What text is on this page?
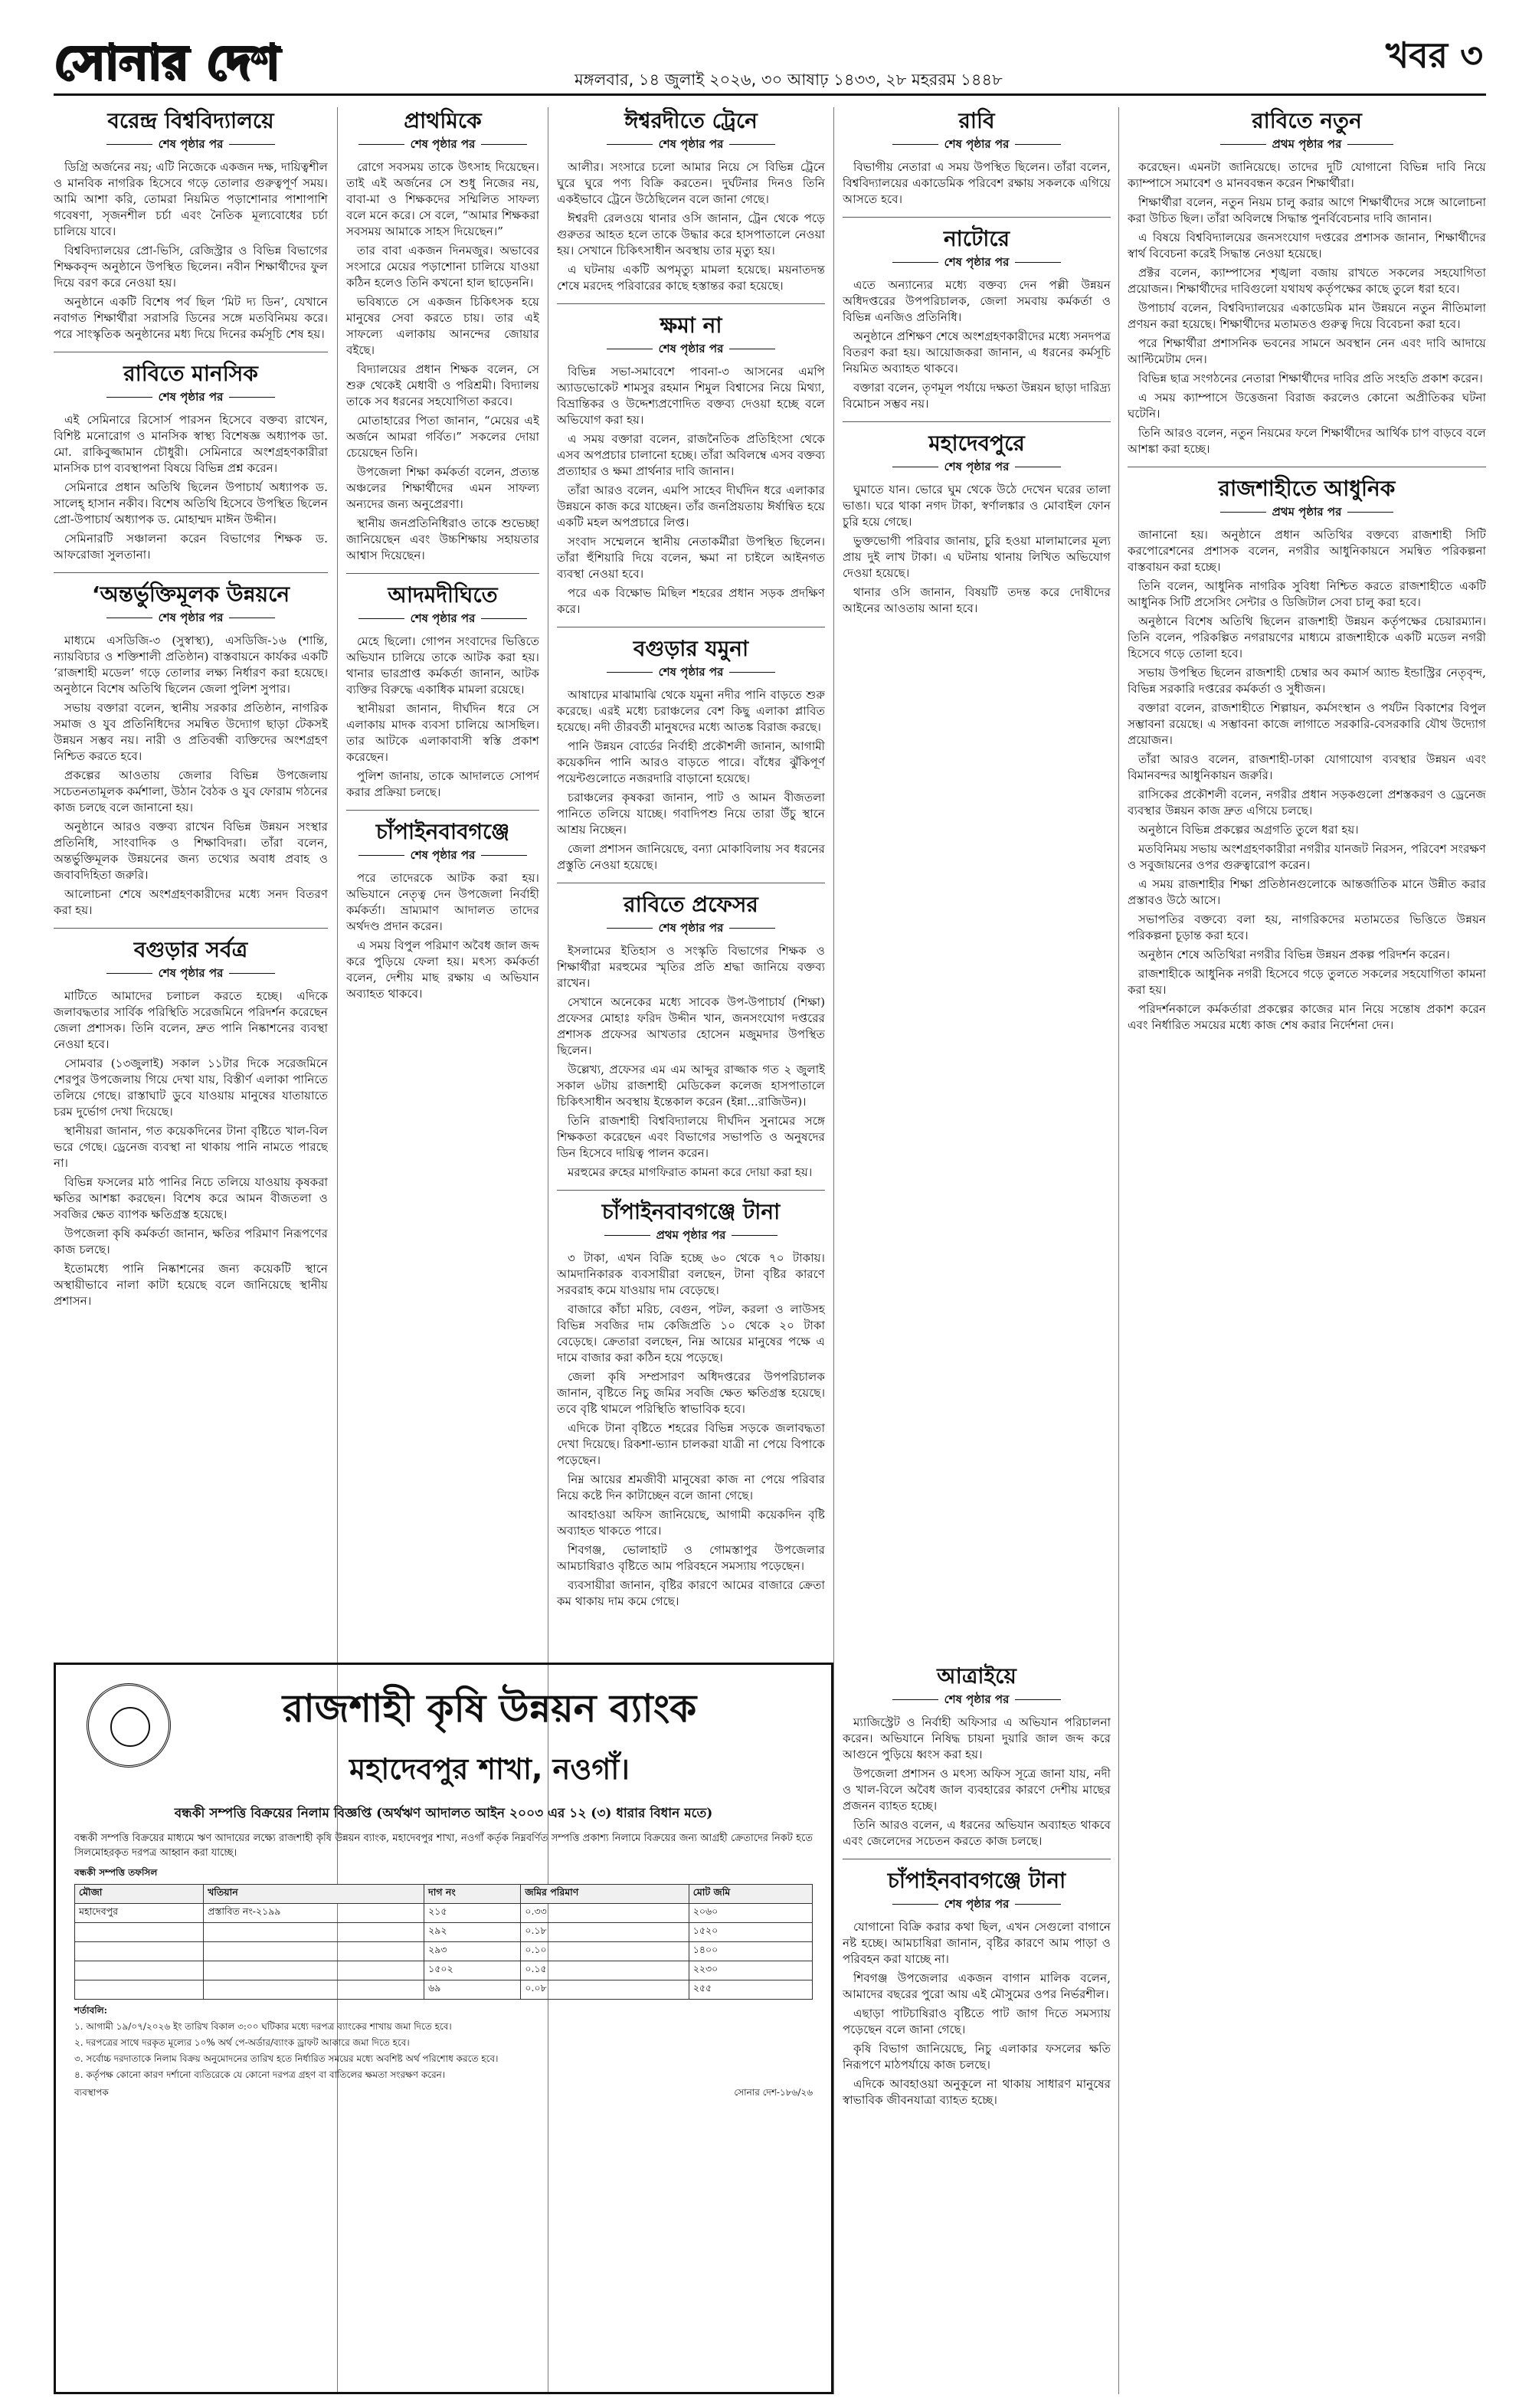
সোনার দেশ	মঙ্গলবার, ১৪ জুলাই ২০২৬, ৩০ আষাঢ় ১৪৩৩, ২৮ মহররম ১৪৪৮
খবর ৩
বরেন্দ্র বিশ্ববিদ্যালয়ে
শেষ পৃষ্ঠার পর

ডিগ্রি অর্জনের নয়; এটি নিজেকে একজন দক্ষ, দায়িত্বশীল ও মানবিক নাগরিক হিসেবে গড়ে তোলার গুরুত্বপূর্ণ সময়। আমি আশা করি, তোমরা নিয়মিত পড়াশোনার পাশাপাশি গবেষণা, সৃজনশীল চর্চা এবং নৈতিক মূল্যবোধের চর্চা চালিয়ে যাবে।

বিশ্ববিদ্যালয়ের প্রো-ভিসি, রেজিস্ট্রার ও বিভিন্ন বিভাগের শিক্ষকবৃন্দ অনুষ্ঠানে উপস্থিত ছিলেন। নবীন শিক্ষার্থীদের ফুল দিয়ে বরণ করে নেওয়া হয়।

অনুষ্ঠানে একটি বিশেষ পর্ব ছিল ‘মিট দ্য ডিন’, যেখানে নবাগত শিক্ষার্থীরা সরাসরি ডিনের সঙ্গে মতবিনিময় করে। পরে সাংস্কৃতিক অনুষ্ঠানের মধ্য দিয়ে দিনের কর্মসূচি শেষ হয়।

রাবিতে মানসিক
শেষ পৃষ্ঠার পর

এই সেমিনারে রিসোর্স পারসন হিসেবে বক্তব্য রাখেন, বিশিষ্ট মনোরোগ ও মানসিক স্বাস্থ্য বিশেষজ্ঞ অধ্যাপক ডা. মো. রাকিবুজ্জামান চৌধুরী। সেমিনারে অংশগ্রহণকারীরা মানসিক চাপ ব্যবস্থাপনা বিষয়ে বিভিন্ন প্রশ্ন করেন।

সেমিনারে প্রধান অতিথি ছিলেন উপাচার্য অধ্যাপক ড. সালেহ্ হাসান নকীব। বিশেষ অতিথি হিসেবে উপস্থিত ছিলেন প্রো-উপাচার্য অধ্যাপক ড. মোহাম্মদ মাঈন উদ্দীন।

সেমিনারটি সঞ্চালনা করেন বিভাগের শিক্ষক ড. আফরোজা সুলতানা।

‘অন্তর্ভুক্তিমূলক উন্নয়নে
শেষ পৃষ্ঠার পর

মাধ্যমে এসডিজি-৩ (সুস্বাস্থ্য), এসডিজি-১৬ (শান্তি, ন্যায়বিচার ও শক্তিশালী প্রতিষ্ঠান) বাস্তবায়নে কার্যকর একটি ‘রাজশাহী মডেল’ গড়ে তোলার লক্ষ্য নির্ধারণ করা হয়েছে। অনুষ্ঠানে বিশেষ অতিথি ছিলেন জেলা পুলিশ সুপার।

সভায় বক্তারা বলেন, স্থানীয় সরকার প্রতিষ্ঠান, নাগরিক সমাজ ও যুব প্রতিনিধিদের সমন্বিত উদ্যোগ ছাড়া টেকসই উন্নয়ন সম্ভব নয়। নারী ও প্রতিবন্ধী ব্যক্তিদের অংশগ্রহণ নিশ্চিত করতে হবে।

প্রকল্পের আওতায় জেলার বিভিন্ন উপজেলায় সচেতনতামূলক কর্মশালা, উঠান বৈঠক ও যুব ফোরাম গঠনের কাজ চলছে বলে জানানো হয়।

অনুষ্ঠানে আরও বক্তব্য রাখেন বিভিন্ন উন্নয়ন সংস্থার প্রতিনিধি, সাংবাদিক ও শিক্ষাবিদরা। তাঁরা বলেন, অন্তর্ভুক্তিমূলক উন্নয়নের জন্য তথ্যের অবাধ প্রবাহ ও জবাবদিহিতা জরুরি।

আলোচনা শেষে অংশগ্রহণকারীদের মধ্যে সনদ বিতরণ করা হয়।

বগুড়ার সর্বত্র
শেষ পৃষ্ঠার পর

মাটিতে আমাদের চলাচল করতে হচ্ছে। এদিকে জলাবদ্ধতার সার্বিক পরিস্থিতি সরেজমিনে পরিদর্শন করেছেন জেলা প্রশাসক। তিনি বলেন, দ্রুত পানি নিষ্কাশনের ব্যবস্থা নেওয়া হবে।

সোমবার (১৩জুলাই) সকাল ১১টার দিকে সরেজমিনে শেরপুর উপজেলায় গিয়ে দেখা যায়, বিস্তীর্ণ এলাকা পানিতে তলিয়ে গেছে। রাস্তাঘাট ডুবে যাওয়ায় মানুষের যাতায়াতে চরম দুর্ভোগ দেখা দিয়েছে।

স্থানীয়রা জানান, গত কয়েকদিনের টানা বৃষ্টিতে খাল-বিল ভরে গেছে। ড্রেনেজ ব্যবস্থা না থাকায় পানি নামতে পারছে না।

বিভিন্ন ফসলের মাঠ পানির নিচে তলিয়ে যাওয়ায় কৃষকরা ক্ষতির আশঙ্কা করছেন। বিশেষ করে আমন বীজতলা ও সবজির ক্ষেত ব্যাপক ক্ষতিগ্রস্ত হয়েছে।

উপজেলা কৃষি কর্মকর্তা জানান, ক্ষতির পরিমাণ নিরূপণের কাজ চলছে।

ইতোমধ্যে পানি নিষ্কাশনের জন্য কয়েকটি স্থানে অস্থায়ীভাবে নালা কাটা হয়েছে বলে জানিয়েছে স্থানীয় প্রশাসন।

প্রাথমিকে
শেষ পৃষ্ঠার পর

রোগে সবসময় তাকে উৎসাহ দিয়েছেন। তাই এই অর্জনের সে শুধু নিজের নয়, বাবা-মা ও শিক্ষকদের সম্মিলিত সাফল্য বলে মনে করে। সে বলে, “আমার শিক্ষকরা সবসময় আমাকে সাহস দিয়েছেন।”

তার বাবা একজন দিনমজুর। অভাবের সংসারে মেয়ের পড়াশোনা চালিয়ে যাওয়া কঠিন হলেও তিনি কখনো হাল ছাড়েননি।

ভবিষ্যতে সে একজন চিকিৎসক হয়ে মানুষের সেবা করতে চায়। তার এই সাফল্যে এলাকায় আনন্দের জোয়ার বইছে।

বিদ্যালয়ের প্রধান শিক্ষক বলেন, সে শুরু থেকেই মেধাবী ও পরিশ্রমী। বিদ্যালয় তাকে সব ধরনের সহযোগিতা করবে।

মোতাহারের পিতা জানান, “মেয়ের এই অর্জনে আমরা গর্বিত।” সকলের দোয়া চেয়েছেন তিনি।

উপজেলা শিক্ষা কর্মকর্তা বলেন, প্রত্যন্ত অঞ্চলের শিক্ষার্থীদের এমন সাফল্য অন্যদের জন্য অনুপ্রেরণা।

স্থানীয় জনপ্রতিনিধিরাও তাকে শুভেচ্ছা জানিয়েছেন এবং উচ্চশিক্ষায় সহায়তার আশ্বাস দিয়েছেন।

আদমদীঘিতে
শেষ পৃষ্ঠার পর

মেহে ছিলো। গোপন সংবাদের ভিত্তিতে অভিযান চালিয়ে তাকে আটক করা হয়। থানার ভারপ্রাপ্ত কর্মকর্তা জানান, আটক ব্যক্তির বিরুদ্ধে একাধিক মামলা রয়েছে।

স্থানীয়রা জানান, দীর্ঘদিন ধরে সে এলাকায় মাদক ব্যবসা চালিয়ে আসছিল। তার আটকে এলাকাবাসী স্বস্তি প্রকাশ করেছেন।

পুলিশ জানায়, তাকে আদালতে সোপর্দ করার প্রক্রিয়া চলছে।

চাঁপাইনবাবগঞ্জে
শেষ পৃষ্ঠার পর

পরে তাদেরকে আটক করা হয়। অভিযানে নেতৃত্ব দেন উপজেলা নির্বাহী কর্মকর্তা। ভ্রাম্যমাণ আদালত তাদের অর্থদণ্ড প্রদান করেন।

এ সময় বিপুল পরিমাণ অবৈধ জাল জব্দ করে পুড়িয়ে ফেলা হয়। মৎস্য কর্মকর্তা বলেন, দেশীয় মাছ রক্ষায় এ অভিযান অব্যাহত থাকবে।

ঈশ্বরদীতে ট্রেনে
শেষ পৃষ্ঠার পর

আলীর। সংসারে চলো আমার নিয়ে সে বিভিন্ন ট্রেনে ঘুরে ঘুরে পণ্য বিক্রি করতেন। দুর্ঘটনার দিনও তিনি একইভাবে ট্রেনে উঠেছিলেন বলে জানা গেছে।

ঈশ্বরদী রেলওয়ে থানার ওসি জানান, ট্রেন থেকে পড়ে গুরুতর আহত হলে তাকে উদ্ধার করে হাসপাতালে নেওয়া হয়। সেখানে চিকিৎসাধীন অবস্থায় তার মৃত্যু হয়।

এ ঘটনায় একটি অপমৃত্যু মামলা হয়েছে। ময়নাতদন্ত শেষে মরদেহ পরিবারের কাছে হস্তান্তর করা হয়েছে।

ক্ষমা না
শেষ পৃষ্ঠার পর

বিভিন্ন সভা-সমাবেশে পাবনা-৩ আসনের এমপি অ্যাডভোকেট শামসুর রহমান শিমুল বিশ্বাসের নিয়ে মিথ্যা, বিভ্রান্তিকর ও উদ্দেশ্যপ্রণোদিত বক্তব্য দেওয়া হচ্ছে বলে অভিযোগ করা হয়।

এ সময় বক্তারা বলেন, রাজনৈতিক প্রতিহিংসা থেকে এসব অপপ্রচার চালানো হচ্ছে। তাঁরা অবিলম্বে এসব বক্তব্য প্রত্যাহার ও ক্ষমা প্রার্থনার দাবি জানান।

তাঁরা আরও বলেন, এমপি সাহেব দীর্ঘদিন ধরে এলাকার উন্নয়নে কাজ করে যাচ্ছেন। তাঁর জনপ্রিয়তায় ঈর্ষান্বিত হয়ে একটি মহল অপপ্রচারে লিপ্ত।

সংবাদ সম্মেলনে স্থানীয় নেতাকর্মীরা উপস্থিত ছিলেন। তাঁরা হুঁশিয়ারি দিয়ে বলেন, ক্ষমা না চাইলে আইনগত ব্যবস্থা নেওয়া হবে।

পরে এক বিক্ষোভ মিছিল শহরের প্রধান সড়ক প্রদক্ষিণ করে।

বগুড়ার যমুনা
শেষ পৃষ্ঠার পর

আষাঢ়ের মাঝামাঝি থেকে যমুনা নদীর পানি বাড়তে শুরু করেছে। এরই মধ্যে চরাঞ্চলের বেশ কিছু এলাকা প্লাবিত হয়েছে। নদী তীরবর্তী মানুষদের মধ্যে আতঙ্ক বিরাজ করছে।

পানি উন্নয়ন বোর্ডের নির্বাহী প্রকৌশলী জানান, আগামী কয়েকদিন পানি আরও বাড়তে পারে। বাঁধের ঝুঁকিপূর্ণ পয়েন্টগুলোতে নজরদারি বাড়ানো হয়েছে।

চরাঞ্চলের কৃষকরা জানান, পাট ও আমন বীজতলা পানিতে তলিয়ে যাচ্ছে। গবাদিপশু নিয়ে তারা উঁচু স্থানে আশ্রয় নিচ্ছেন।

জেলা প্রশাসন জানিয়েছে, বন্যা মোকাবিলায় সব ধরনের প্রস্তুতি নেওয়া হয়েছে।

রাবিতে প্রফেসর
শেষ পৃষ্ঠার পর

ইসলামের ইতিহাস ও সংস্কৃতি বিভাগের শিক্ষক ও শিক্ষার্থীরা মরহুমের স্মৃতির প্রতি শ্রদ্ধা জানিয়ে বক্তব্য রাখেন।

সেখানে অনেকের মধ্যে সাবেক উপ-উপাচার্য (শিক্ষা) প্রফেসর মোহাঃ ফরিদ উদ্দীন খান, জনসংযোগ দপ্তরের প্রশাসক প্রফেসর আখতার হোসেন মজুমদার উপস্থিত ছিলেন।

উল্লেখ্য, প্রফেসর এম এম আব্দুর রাজ্জাক গত ২ জুলাই সকাল ৬টায় রাজশাহী মেডিকেল কলেজ হাসপাতালে চিকিৎসাধীন অবস্থায় ইন্তেকাল করেন (ইন্না...রাজিউন)।

তিনি রাজশাহী বিশ্ববিদ্যালয়ে দীর্ঘদিন সুনামের সঙ্গে শিক্ষকতা করেছেন এবং বিভাগের সভাপতি ও অনুষদের ডিন হিসেবে দায়িত্ব পালন করেন।

মরহুমের রুহের মাগফিরাত কামনা করে দোয়া করা হয়।

চাঁপাইনবাবগঞ্জে টানা
প্রথম পৃষ্ঠার পর

৩ টাকা, এখন বিক্রি হচ্ছে ৬০ থেকে ৭০ টাকায়। আমদানিকারক ব্যবসায়ীরা বলছেন, টানা বৃষ্টির কারণে সরবরাহ কমে যাওয়ায় দাম বেড়েছে।

বাজারে কাঁচা মরিচ, বেগুন, পটল, করলা ও লাউসহ বিভিন্ন সবজির দাম কেজিপ্রতি ১০ থেকে ২০ টাকা বেড়েছে। ক্রেতারা বলছেন, নিম্ন আয়ের মানুষের পক্ষে এ দামে বাজার করা কঠিন হয়ে পড়েছে।

জেলা কৃষি সম্প্রসারণ অধিদপ্তরের উপপরিচালক জানান, বৃষ্টিতে নিচু জমির সবজি ক্ষেত ক্ষতিগ্রস্ত হয়েছে। তবে বৃষ্টি থামলে পরিস্থিতি স্বাভাবিক হবে।

এদিকে টানা বৃষ্টিতে শহরের বিভিন্ন সড়কে জলাবদ্ধতা দেখা দিয়েছে। রিকশা-ভ্যান চালকরা যাত্রী না পেয়ে বিপাকে পড়েছেন।

নিম্ন আয়ের শ্রমজীবী মানুষেরা কাজ না পেয়ে পরিবার নিয়ে কষ্টে দিন কাটাচ্ছেন বলে জানা গেছে।

আবহাওয়া অফিস জানিয়েছে, আগামী কয়েকদিন বৃষ্টি অব্যাহত থাকতে পারে।

শিবগঞ্জ, ভোলাহাট ও গোমস্তাপুর উপজেলার আমচাষিরাও বৃষ্টিতে আম পরিবহনে সমস্যায় পড়েছেন।

ব্যবসায়ীরা জানান, বৃষ্টির কারণে আমের বাজারে ক্রেতা কম থাকায় দাম কমে গেছে।

আত্রাইয়ে
শেষ পৃষ্ঠার পর

ম্যাজিস্ট্রেট ও নির্বাহী অফিসার এ অভিযান পরিচালনা করেন। অভিযানে নিষিদ্ধ চায়না দুয়ারি জাল জব্দ করে আগুনে পুড়িয়ে ধ্বংস করা হয়।

উপজেলা প্রশাসন ও মৎস্য অফিস সূত্রে জানা যায়, নদী ও খাল-বিলে অবৈধ জাল ব্যবহারের কারণে দেশীয় মাছের প্রজনন ব্যাহত হচ্ছে।

তিনি আরও বলেন, এ ধরনের অভিযান অব্যাহত থাকবে এবং জেলেদের সচেতন করতে কাজ চলছে।

চাঁপাইনবাবগঞ্জে টানা
শেষ পৃষ্ঠার পর

যোগানো বিক্রি করার কথা ছিল, এখন সেগুলো বাগানে নষ্ট হচ্ছে। আমচাষিরা জানান, বৃষ্টির কারণে আম পাড়া ও পরিবহন করা যাচ্ছে না।

শিবগঞ্জ উপজেলার একজন বাগান মালিক বলেন, আমাদের বছরের পুরো আয় এই মৌসুমের ওপর নির্ভরশীল।

এছাড়া পাটচাষিরাও বৃষ্টিতে পাট জাগ দিতে সমস্যায় পড়েছেন বলে জানা গেছে।

কৃষি বিভাগ জানিয়েছে, নিচু এলাকার ফসলের ক্ষতি নিরূপণে মাঠপর্যায়ে কাজ চলছে।

এদিকে আবহাওয়া অনুকূলে না থাকায় সাধারণ মানুষের স্বাভাবিক জীবনযাত্রা ব্যাহত হচ্ছে।

রাবি
শেষ পৃষ্ঠার পর

বিভাগীয় নেতারা এ সময় উপস্থিত ছিলেন। তাঁরা বলেন, বিশ্ববিদ্যালয়ের একাডেমিক পরিবেশ রক্ষায় সকলকে এগিয়ে আসতে হবে।

নাটোরে
শেষ পৃষ্ঠার পর

এতে অন্যান্যের মধ্যে বক্তব্য দেন পল্লী উন্নয়ন অধিদপ্তরের উপপরিচালক, জেলা সমবায় কর্মকর্তা ও বিভিন্ন এনজিও প্রতিনিধি।

অনুষ্ঠানে প্রশিক্ষণ শেষে অংশগ্রহণকারীদের মধ্যে সনদপত্র বিতরণ করা হয়। আয়োজকরা জানান, এ ধরনের কর্মসূচি নিয়মিত অব্যাহত থাকবে।

বক্তারা বলেন, তৃণমূল পর্যায়ে দক্ষতা উন্নয়ন ছাড়া দারিদ্র্য বিমোচন সম্ভব নয়।

মহাদেবপুরে
শেষ পৃষ্ঠার পর

ঘুমাতে যান। ভোরে ঘুম থেকে উঠে দেখেন ঘরের তালা ভাঙা। ঘরে থাকা নগদ টাকা, স্বর্ণালঙ্কার ও মোবাইল ফোন চুরি হয়ে গেছে।

ভুক্তভোগী পরিবার জানায়, চুরি হওয়া মালামালের মূল্য প্রায় দুই লাখ টাকা। এ ঘটনায় থানায় লিখিত অভিযোগ দেওয়া হয়েছে।

থানার ওসি জানান, বিষয়টি তদন্ত করে দোষীদের আইনের আওতায় আনা হবে।

রাবিতে নতুন
প্রথম পৃষ্ঠার পর

করেছেন। এমনটা জানিয়েছে। তাদের দুটি যোগানো বিভিন্ন দাবি নিয়ে ক্যাম্পাসে সমাবেশ ও মানববন্ধন করেন শিক্ষার্থীরা।

শিক্ষার্থীরা বলেন, নতুন নিয়ম চালু করার আগে শিক্ষার্থীদের সঙ্গে আলোচনা করা উচিত ছিল। তাঁরা অবিলম্বে সিদ্ধান্ত পুনর্বিবেচনার দাবি জানান।

এ বিষয়ে বিশ্ববিদ্যালয়ের জনসংযোগ দপ্তরের প্রশাসক জানান, শিক্ষার্থীদের স্বার্থ বিবেচনা করেই সিদ্ধান্ত নেওয়া হয়েছে।

প্রক্টর বলেন, ক্যাম্পাসের শৃঙ্খলা বজায় রাখতে সকলের সহযোগিতা প্রয়োজন। শিক্ষার্থীদের দাবিগুলো যথাযথ কর্তৃপক্ষের কাছে তুলে ধরা হবে।

উপাচার্য বলেন, বিশ্ববিদ্যালয়ের একাডেমিক মান উন্নয়নে নতুন নীতিমালা প্রণয়ন করা হয়েছে। শিক্ষার্থীদের মতামতও গুরুত্ব দিয়ে বিবেচনা করা হবে।

পরে শিক্ষার্থীরা প্রশাসনিক ভবনের সামনে অবস্থান নেন এবং দাবি আদায়ে আল্টিমেটাম দেন।

বিভিন্ন ছাত্র সংগঠনের নেতারা শিক্ষার্থীদের দাবির প্রতি সংহতি প্রকাশ করেন।

এ সময় ক্যাম্পাসে উত্তেজনা বিরাজ করলেও কোনো অপ্রীতিকর ঘটনা ঘটেনি।

তিনি আরও বলেন, নতুন নিয়মের ফলে শিক্ষার্থীদের আর্থিক চাপ বাড়বে বলে আশঙ্কা করা হচ্ছে।

রাজশাহীতে আধুনিক
প্রথম পৃষ্ঠার পর

জানানো হয়। অনুষ্ঠানে প্রধান অতিথির বক্তব্যে রাজশাহী সিটি করপোরেশনের প্রশাসক বলেন, নগরীর আধুনিকায়নে সমন্বিত পরিকল্পনা বাস্তবায়ন করা হচ্ছে।

তিনি বলেন, আধুনিক নাগরিক সুবিধা নিশ্চিত করতে রাজশাহীতে একটি আধুনিক সিটি প্রসেসিং সেন্টার ও ডিজিটাল সেবা চালু করা হবে।

অনুষ্ঠানে বিশেষ অতিথি ছিলেন রাজশাহী উন্নয়ন কর্তৃপক্ষের চেয়ারম্যান। তিনি বলেন, পরিকল্পিত নগরায়ণের মাধ্যমে রাজশাহীকে একটি মডেল নগরী হিসেবে গড়ে তোলা হবে।

সভায় উপস্থিত ছিলেন রাজশাহী চেম্বার অব কমার্স অ্যান্ড ইন্ডাস্ট্রির নেতৃবৃন্দ, বিভিন্ন সরকারি দপ্তরের কর্মকর্তা ও সুধীজন।

বক্তারা বলেন, রাজশাহীতে শিল্পায়ন, কর্মসংস্থান ও পর্যটন বিকাশের বিপুল সম্ভাবনা রয়েছে। এ সম্ভাবনা কাজে লাগাতে সরকারি-বেসরকারি যৌথ উদ্যোগ প্রয়োজন।

তাঁরা আরও বলেন, রাজশাহী-ঢাকা যোগাযোগ ব্যবস্থার উন্নয়ন এবং বিমানবন্দর আধুনিকায়ন জরুরি।

রাসিকের প্রকৌশলী বলেন, নগরীর প্রধান সড়কগুলো প্রশস্তকরণ ও ড্রেনেজ ব্যবস্থার উন্নয়ন কাজ দ্রুত এগিয়ে চলছে।

অনুষ্ঠানে বিভিন্ন প্রকল্পের অগ্রগতি তুলে ধরা হয়।

মতবিনিময় সভায় অংশগ্রহণকারীরা নগরীর যানজট নিরসন, পরিবেশ সংরক্ষণ ও সবুজায়নের ওপর গুরুত্বারোপ করেন।

এ সময় রাজশাহীর শিক্ষা প্রতিষ্ঠানগুলোকে আন্তর্জাতিক মানে উন্নীত করার প্রস্তাবও উঠে আসে।

সভাপতির বক্তব্যে বলা হয়, নাগরিকদের মতামতের ভিত্তিতে উন্নয়ন পরিকল্পনা চূড়ান্ত করা হবে।

অনুষ্ঠান শেষে অতিথিরা নগরীর বিভিন্ন উন্নয়ন প্রকল্প পরিদর্শন করেন।

রাজশাহীকে আধুনিক নগরী হিসেবে গড়ে তুলতে সকলের সহযোগিতা কামনা করা হয়।

পরিদর্শনকালে কর্মকর্তারা প্রকল্পের কাজের মান নিয়ে সন্তোষ প্রকাশ করেন এবং নির্ধারিত সময়ের মধ্যে কাজ শেষ করার নির্দেশনা দেন।

রাজশাহী কৃষি উন্নয়ন ব্যাংক
মহাদেবপুর শাখা, নওগাঁ।
বন্ধকী সম্পত্তি বিক্রয়ের নিলাম বিজ্ঞপ্তি (অর্থঋণ আদালত আইন ২০০৩ এর ১২ (৩) ধারার বিধান মতে)

বন্ধকী সম্পত্তি বিক্রয়ের মাধ্যমে ঋণ আদায়ের লক্ষ্যে রাজশাহী কৃষি উন্নয়ন ব্যাংক, মহাদেবপুর শাখা, নওগাঁ কর্তৃক নিম্নবর্ণিত সম্পত্তি প্রকাশ্য নিলামে বিক্রয়ের জন্য আগ্রহী ক্রেতাদের নিকট হতে সিলমোহরকৃত দরপত্র আহ্বান করা যাচ্ছে।

বন্ধকী সম্পত্তি তফসিল
মৌজা	খতিয়ান	দাগ নং	জমির পরিমাণ	মোট জমি
মহাদেবপুর	প্রস্তাবিত নং-২১৯৯	২১৫	০.৩৩	২০৬০
		২৯২	০.১৮	১৫২০
		২৯৩	০.১০	১৪০০
		১৫০২	০.১৫	২২৩০
		৬৯	০.০৮	২৫৫
শর্তাবলি:
১. আগামী ১৯/০৭/২০২৬ ইং তারিখ বিকাল ৩:০০ ঘটিকার মধ্যে দরপত্র ব্যাংকের শাখায় জমা দিতে হবে।
২. দরপত্রের সাথে দরকৃত মূল্যের ১০% অর্থ পে-অর্ডার/ব্যাংক ড্রাফট আকারে জমা দিতে হবে।
৩. সর্বোচ্চ দরদাতাকে নিলাম বিক্রয় অনুমোদনের তারিখ হতে নির্ধারিত সময়ের মধ্যে অবশিষ্ট অর্থ পরিশোধ করতে হবে।
৪. কর্তৃপক্ষ কোনো কারণ দর্শানো ব্যতিরেকে যে কোনো দরপত্র গ্রহণ বা বাতিলের ক্ষমতা সংরক্ষণ করেন।
ব্যবস্থাপক	সোনার দেশ-১৮৬/২৬
